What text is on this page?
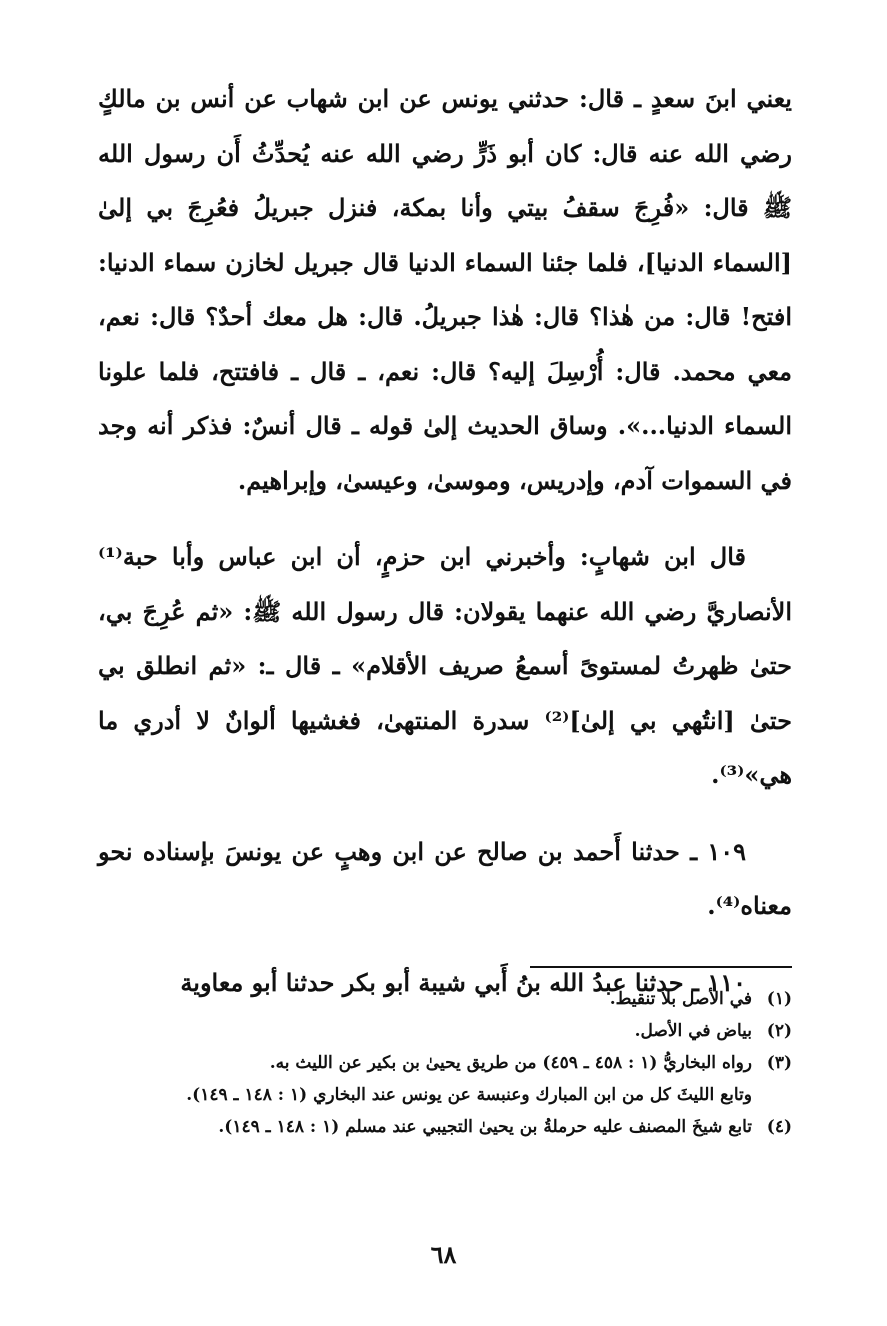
يعني ابنَ سعدٍ ـ قال: حدثني يونس عن ابن شهاب عن أنس بن مالكٍ رضي الله عنه قال: كان أبو ذَرٍّ رضي الله عنه يُحدِّثُ أَن رسول الله ﷺ قال: «فُرِجَ سقفُ بيتي وأنا بمكة، فنزل جبريلُ فعُرِجَ بي إلىٰ [السماء الدنيا]، فلما جئنا السماء الدنيا قال جبريل لخازن سماء الدنيا: افتح! قال: من هٰذا؟ قال: هٰذا جبريلُ. قال: هل معك أحدٌ؟ قال: نعم، معي محمد. قال: أُرْسِلَ إليه؟ قال: نعم، ـ قال ـ فافتتح، فلما علونا السماء الدنيا...». وساق الحديث إلىٰ قوله ـ قال أنسٌ: فذكر أنه وجد في السموات آدم، وإدريس، وموسىٰ، وعيسىٰ، وإبراهيم.

قال ابن شهابٍ: وأخبرني ابن حزمٍ، أن ابن عباس وأبا حبة⁽¹⁾ الأنصاريَّ رضي الله عنهما يقولان: قال رسول الله ﷺ: «ثم عُرِجَ بي، حتىٰ ظهرتُ لمستوىً أسمعُ صريف الأقلام» ـ قال ـ: «ثم انطلق بي حتىٰ [انتُهي بي إلىٰ]⁽²⁾ سدرة المنتهىٰ، فغشيها ألوانٌ لا أدري ما هي»⁽³⁾.

١٠٩ ـ حدثنا أَحمد بن صالح عن ابن وهبٍ عن يونسَ بإسناده نحو معناه⁽⁴⁾.

١١٠ ـ حدثنا عبدُ الله بنُ أَبي شيبة أبو بكر حدثنا أبو معاوية

(١)
في الأصل بلا تنقيط.
(٢)
بياض في الأصل.
(٣)
رواه البخاريُّ (١ : ٤٥٨ ـ ٤٥٩) من طريق يحيىٰ بن بكير عن الليث به.
وتابع الليثَ كل من ابن المبارك وعنبسة عن يونس عند البخاري (١ : ١٤٨ ـ ١٤٩).
(٤)
تابع شيخَ المصنف عليه حرملةُ بن يحيىٰ التجيبي عند مسلم (١ : ١٤٨ ـ ١٤٩).
٦٨
